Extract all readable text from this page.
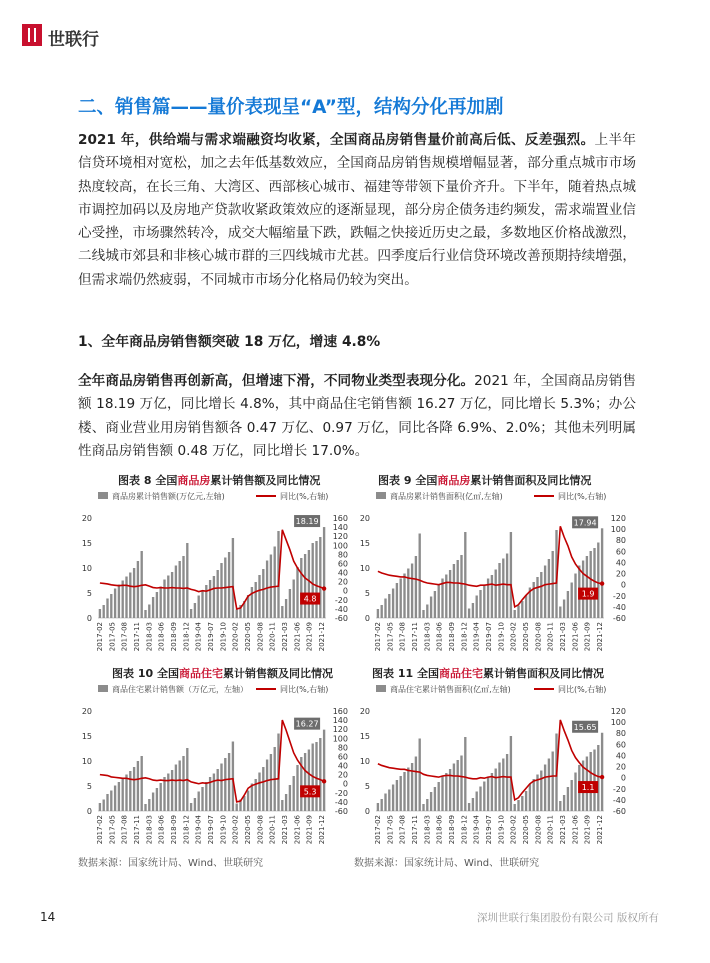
世联行
二、销售篇——量价表现呈“A”型，结构分化再加剧
2021 年，供给端与需求端融资均收紧，全国商品房销售量价前高后低、反差强烈。上半年信贷环境相对宽松，加之去年低基数效应，全国商品房销售规模增幅显著，部分重点城市市场热度较高，在长三角、大湾区、西部核心城市、福建等带领下量价齐升。下半年，随着热点城市调控加码以及房地产贷款收紧政策效应的逐渐显现，部分房企债务违约频发，需求端置业信心受挫，市场骤然转冷，成交大幅缩量下跌，跌幅之快接近历史之最，多数地区价格战激烈，二线城市郊县和非核心城市群的三四线城市尤甚。四季度后行业信贷环境改善预期持续增强，但需求端仍然疲弱，不同城市市场分化格局仍较为突出。
1、全年商品房销售额突破 18 万亿，增速 4.8%
全年商品房销售再创新高，但增速下滑，不同物业类型表现分化。2021 年，全国商品房销售额 18.19 万亿，同比增长 4.8%，其中商品住宅销售额 16.27 万亿，同比增长 5.3%；办公楼、商业营业用房销售额各 0.47 万亿、0.97 万亿，同比各降 6.9%、2.0%；其他未列明属性商品房销售额 0.48 万亿，同比增长 17.0%。
图表 8 全国商品房累计销售额及同比情况	图表 9 全国商品房累计销售面积及同比情况
图表 10 全国商品住宅累计销售额及同比情况	图表 11 全国商品住宅累计销售面积及同比情况
商品房累计销售额(万亿元,左轴)	同比(%,右轴)
20
15
10
5
0
160
140
120
100
80
60
40
20
0
-20
-40
-60
18.19
4.8
2017-02 2017-05 2017-08 2017-11 2018-03 2018-06 2018-09 2018-12 2019-04 2019-07 2019-10 2020-02 2020-05 2020-08 2020-11 2021-03 2021-06 2021-09 2021-12
商品房累计销售面积(亿㎡,左轴)	同比(%,右轴)
20
15
10
5
0
120
100
80
60
40
20
0
-20
-40
-60
17.94
1.9
2017-02 2017-05 2017-08 2017-11 2018-03 2018-06 2018-09 2018-12 2019-04 2019-07 2019-10 2020-02 2020-05 2020-08 2020-11 2021-03 2021-06 2021-09 2021-12
商品住宅累计销售额（万亿元，左轴）	同比(%,右轴)
20
15
10
5
0
160
140
120
100
80
60
40
20
0
-20
-40
-60
16.27
5.3
2017-02 2017-05 2017-08 2017-11 2018-03 2018-06 2018-09 2018-12 2019-04 2019-07 2019-10 2020-02 2020-05 2020-08 2020-11 2021-03 2021-06 2021-09 2021-12
商品住宅累计销售面积(亿㎡,左轴)	同比(%,右轴)
20
15
10
5
0
120
100
80
60
40
20
0
-20
-40
-60
15.65
1.1
2017-02 2017-05 2017-08 2017-11 2018-03 2018-06 2018-09 2018-12 2019-04 2019-07 2019-10 2020-02 2020-05 2020-08 2020-11 2021-03 2021-06 2021-09 2021-12
数据来源：国家统计局、Wind、世联研究	数据来源：国家统计局、Wind、世联研究
14	深圳世联行集团股份有限公司 版权所有
